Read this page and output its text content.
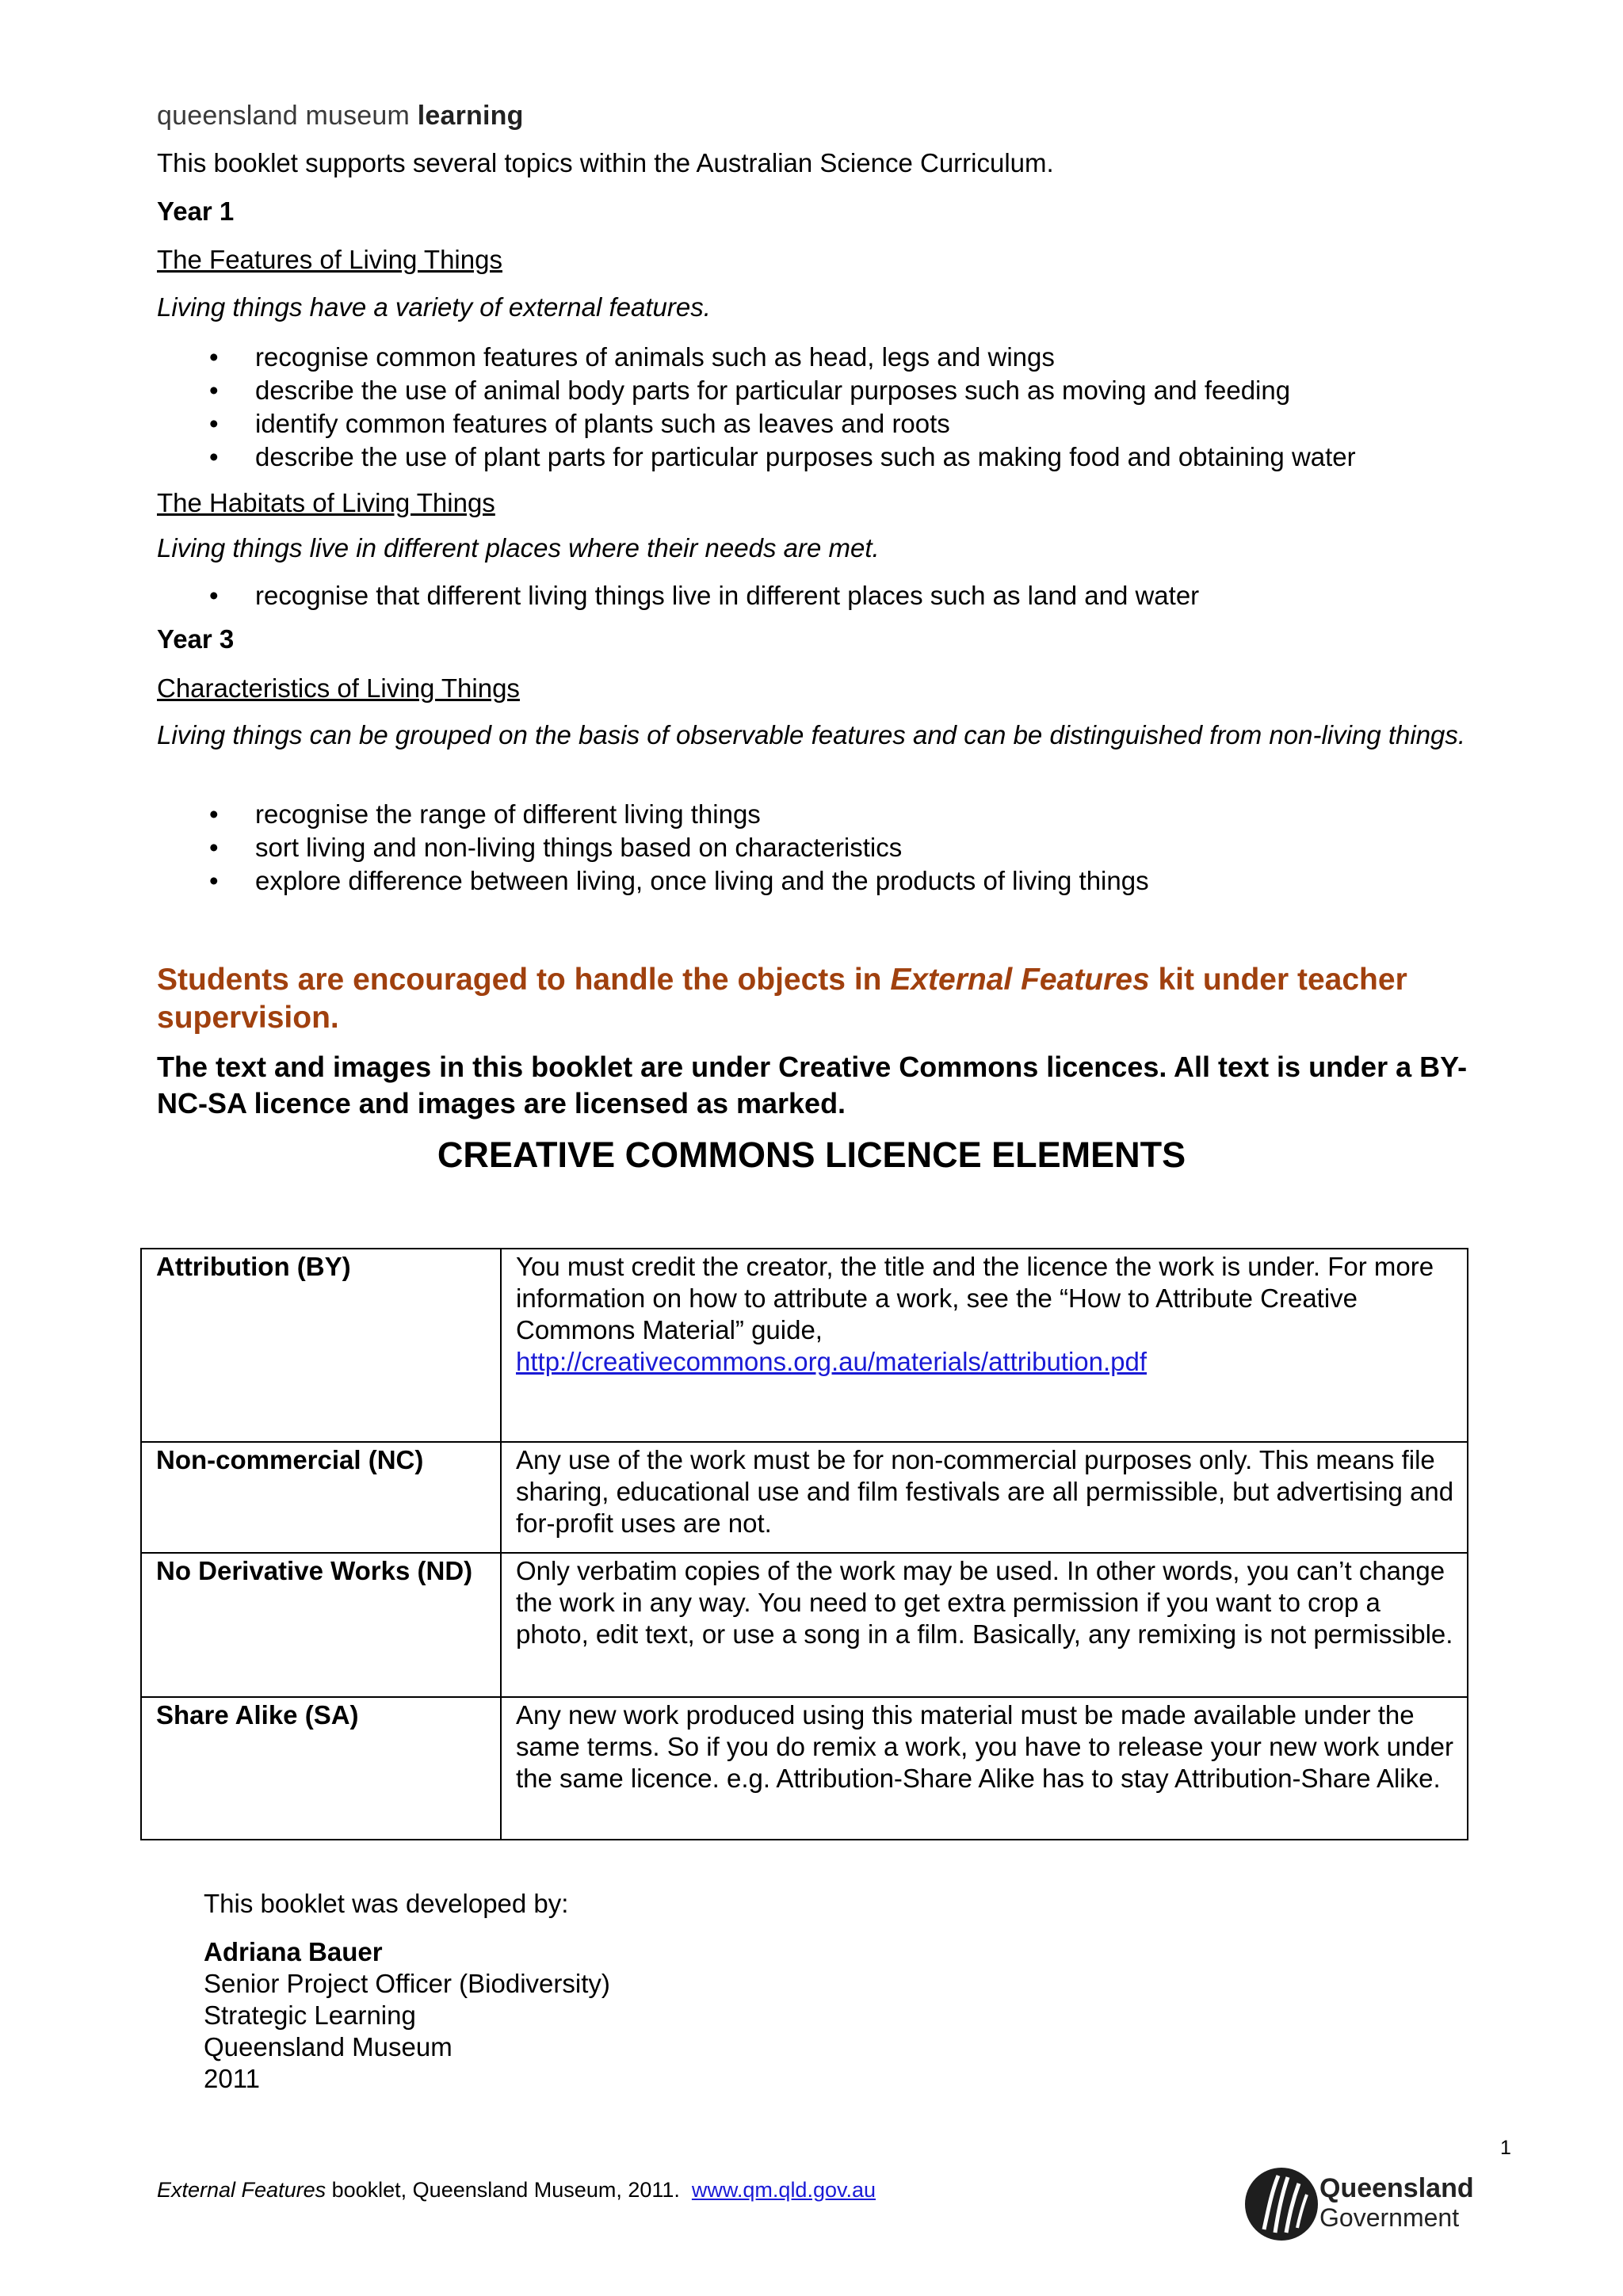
queensland museum learning
This booklet supports several topics within the Australian Science Curriculum.
Year 1
The Features of Living Things
Living things have a variety of external features.
• recognise common features of animals such as head, legs and wings
• describe the use of animal body parts for particular purposes such as moving and feeding
• identify common features of plants such as leaves and roots
• describe the use of plant parts for particular purposes such as making food and obtaining water
The Habitats of Living Things
Living things live in different places where their needs are met.
• recognise that different living things live in different places such as land and water
Year 3
Characteristics of Living Things
Living things can be grouped on the basis of observable features and can be distinguished from non-living things.
• recognise the range of different living things
• sort living and non-living things based on characteristics
• explore difference between living, once living and the products of living things
Students are encouraged to handle the objects in External Features kit under teacher supervision.
The text and images in this booklet are under Creative Commons licences. All text is under a BY-NC-SA licence and images are licensed as marked.
CREATIVE COMMONS LICENCE ELEMENTS
Attribution (BY)	You must credit the creator, the title and the licence the work is under. For more information on how to attribute a work, see the “How to Attribute Creative Commons Material” guide,
http://creativecommons.org.au/materials/attribution.pdf
Non-commercial (NC)	Any use of the work must be for non-commercial purposes only. This means file sharing, educational use and film festivals are all permissible, but advertising and for-profit uses are not.
No Derivative Works (ND)	Only verbatim copies of the work may be used. In other words, you can’t change the work in any way. You need to get extra permission if you want to crop a photo, edit text, or use a song in a film. Basically, any remixing is not permissible.
Share Alike (SA)	Any new work produced using this material must be made available under the same terms. So if you do remix a work, you have to release your new work under the same licence. e.g. Attribution-Share Alike has to stay Attribution-Share Alike.
This booklet was developed by:
Adriana Bauer
Senior Project Officer (Biodiversity)
Strategic Learning
Queensland Museum
2011
1
External Features booklet, Queensland Museum, 2011.  www.qm.qld.gov.au	Queensland
Government
